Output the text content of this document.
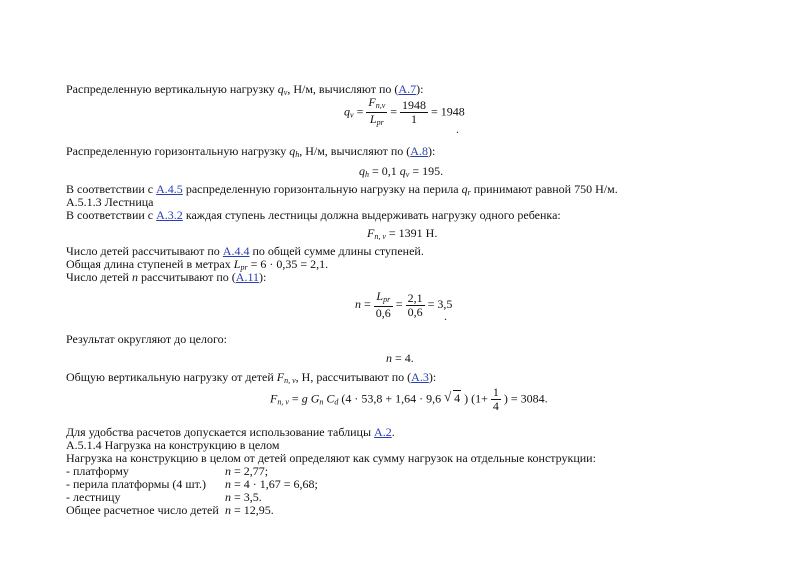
Распределенную вертикальную нагрузку $q_v$, Н/м, вычисляют по (А.7):
$q_v = \frac{F_{n,v}}{L_{pr}} = \frac{1948}{1} = 1948$
.
Распределенную горизонтальную нагрузку $q_h$, Н/м, вычисляют по (А.8):
$q_h = 0,1$ $q_v = 195$.
В соответствии с А.4.5 распределенную горизонтальную нагрузку на перила $q_r$ принимают равной 750 Н/м.
А.5.1.3 Лестница
В соответствии с А.3.2 каждая ступень лестницы должна выдерживать нагрузку одного ребенка:
$F_{n, v} = 1391$ Н.
Число детей рассчитывают по А.4.4 по общей сумме длины ступеней.
Общая длина ступеней в метрах $L_{pr} = 6 \cdot 0,35 = 2,1$.
Число детей n рассчитывают по (А.11):
$n = \frac{L_{pr}}{0,6} = \frac{2,1}{0,6} = 3,5$
.
Результат округляют до целого:
n = 4.
Общую вертикальную нагрузку от детей $F_{n, v}$, Н, рассчитывают по (А.3):
$F_{n, v} = g$ $G_n$ $C_d$ (4 · 53,8 + 1,64 · 9,6 √ 4 ) ($1+ \frac{1}{4}$ ) = 3084.
Для удобства расчетов допускается использование таблицы А.2.
А.5.1.4 Нагрузка на конструкцию в целом
Нагрузка на конструкцию в целом от детей определяют как сумму нагрузок на отдельные конструкции:
- платформу	n = 2,77;
- перила платформы (4 шт.) n = 4 · 1,67 = 6,68;
- лестницу	n = 3,5.
Общее расчетное число детей n = 12,95.
